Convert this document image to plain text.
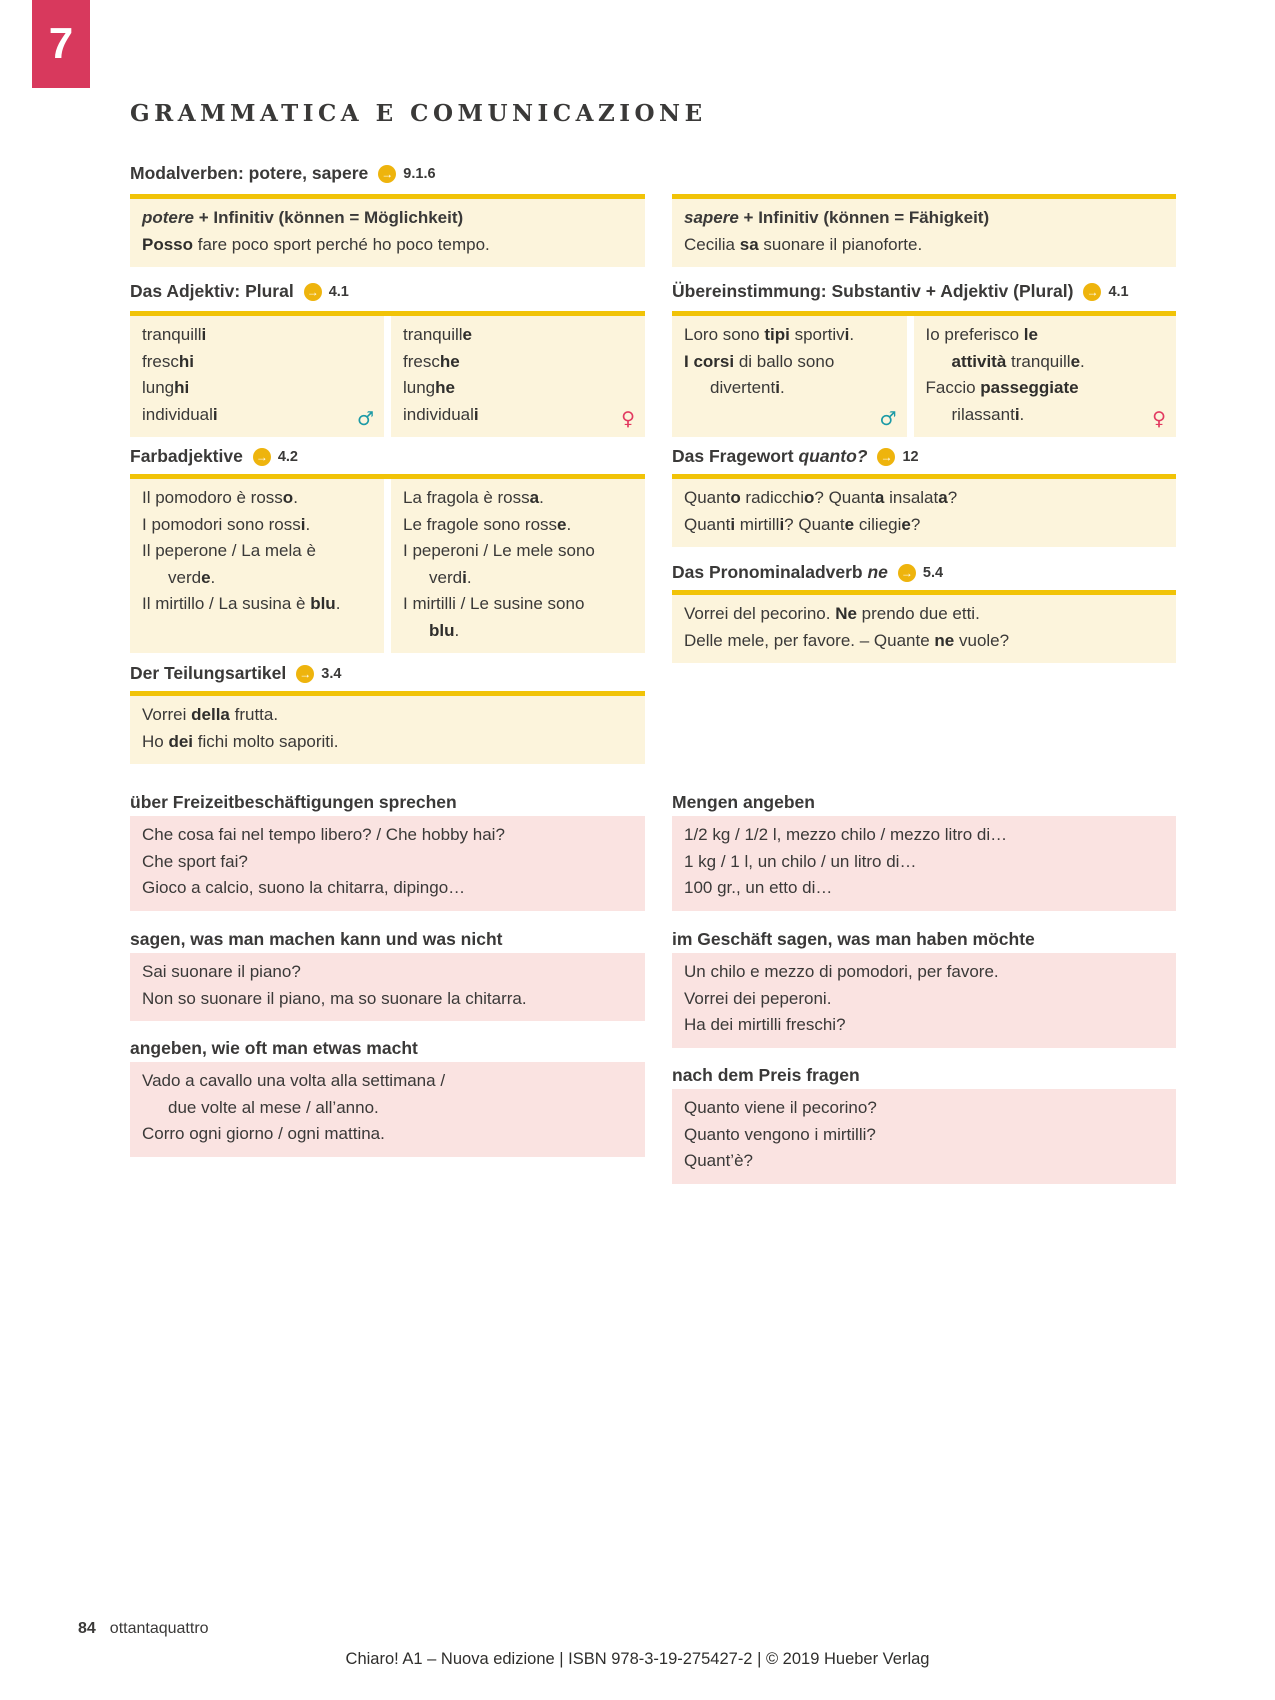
7
GRAMMATICA E COMUNICAZIONE
Modalverben: potere, sapere → 9.1.6
potere + Infinitiv (können = Möglichkeit)
Posso fare poco sport perché ho poco tempo.
Das Adjektiv: Plural → 4.1
tranquilli
freschi
lunghi
individuali	♂
tranquille
fresche
lunghe
individuali	♀
Farbadjektive → 4.2
Il pomodoro è rosso.
I pomodori sono rossi.
Il peperone / La mela è
verde.
Il mirtillo / La susina è blu.
La fragola è rossa.
Le fragole sono rosse.
I peperoni / Le mele sono
verdi.
I mirtilli / Le susine sono
blu.
Der Teilungsartikel → 3.4
Vorrei della frutta.
Ho dei fichi molto saporiti.
über Freizeitbeschäftigungen sprechen
Che cosa fai nel tempo libero? / Che hobby hai?
Che sport fai?
Gioco a calcio, suono la chitarra, dipingo…
sagen, was man machen kann und was nicht
Sai suonare il piano?
Non so suonare il piano, ma so suonare la chitarra.
angeben, wie oft man etwas macht
Vado a cavallo una volta alla settimana /
due volte al mese / all’anno.
Corro ogni giorno / ogni mattina.
sapere + Infinitiv (können = Fähigkeit)
Cecilia sa suonare il pianoforte.
Übereinstimmung: Substantiv + Adjektiv (Plural) → 4.1
Loro sono tipi sportivi.
I corsi di ballo sono
divertenti.
♂
Io preferisco le
attività tranquille.
Faccio passeggiate
rilassanti.	♀
Das Fragewort quanto? → 12
Quanto radicchio? Quanta insalata?
Quanti mirtilli? Quante ciliegie?
Das Pronominaladverb ne → 5.4
Vorrei del pecorino. Ne prendo due etti.
Delle mele, per favore. – Quante ne vuole?
Mengen angeben
1/2 kg / 1/2 l, mezzo chilo / mezzo litro di…
1 kg / 1 l, un chilo / un litro di…
100 gr., un etto di…
im Geschäft sagen, was man haben möchte
Un chilo e mezzo di pomodori, per favore.
Vorrei dei peperoni.
Ha dei mirtilli freschi?
nach dem Preis fragen
Quanto viene il pecorino?
Quanto vengono i mirtilli?
Quant’è?
84 ottantaquattro
Chiaro! A1 – Nuova edizione | ISBN 978-3-19-275427-2 | © 2019 Hueber Verlag
